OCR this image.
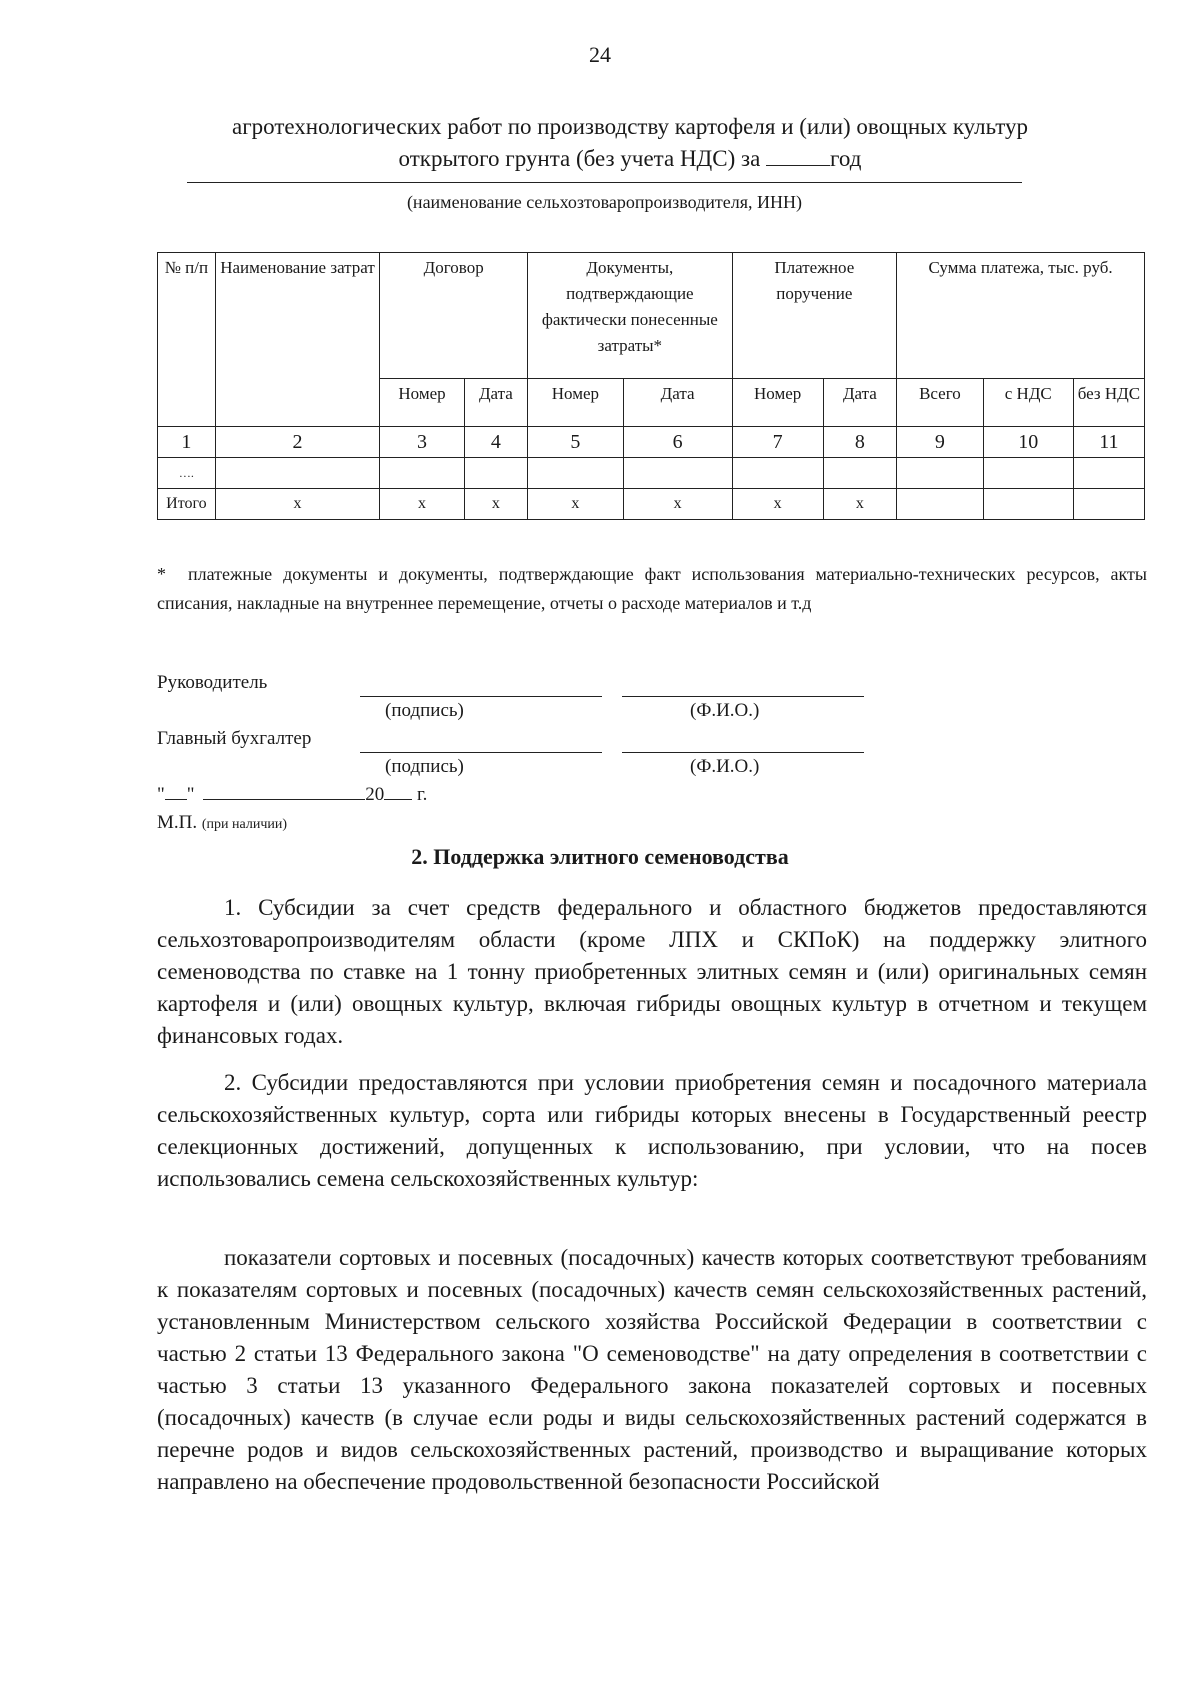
24
агротехнологических работ по производству картофеля и (или) овощных культур
открытого грунта (без учета НДС) за	год
(наименование сельхозтоваропроизводителя, ИНН)
№ п/п	Наименование затрат	Договор		Документы, подтверждающие фактически понесенные затраты*		Платежное поручение		Сумма платежа, тыс. руб.		
		Номер	Дата	Номер	Дата	Номер	Дата	Всего	с НДС	без НДС
1	2	3	4	5	6	7	8	9	10	11
….										
Итого	x	x	x	x	x	x	x			
* платежные документы и документы, подтверждающие факт использования материально-технических ресурсов, акты списания, накладные на внутреннее перемещение, отчеты о расходе материалов и т.д
Руководитель
(подпись)	(Ф.И.О.)
Главный бухгалтер
(подпись)	(Ф.И.О.)
" "	20 г.
М.П. (при наличии)
2. Поддержка элитного семеноводства

1. Субсидии за счет средств федерального и областного бюджетов предоставляются сельхозтоваропроизводителям области (кроме ЛПХ и СКПоК) на поддержку элитного семеноводства по ставке на 1 тонну приобретенных элитных семян и (или) оригинальных семян картофеля и (или) овощных культур, включая гибриды овощных культур в отчетном и текущем финансовых годах.

2. Субсидии предоставляются при условии приобретения семян и посадочного материала сельскохозяйственных культур, сорта или гибриды которых внесены в Государственный реестр селекционных достижений, допущенных к использованию, при условии, что на посев использовались семена сельскохозяйственных культур:

показатели сортовых и посевных (посадочных) качеств которых соответствуют требованиям к показателям сортовых и посевных (посадочных) качеств семян сельскохозяйственных растений, установленным Министерством сельского хозяйства Российской Федерации в соответствии с частью 2 статьи 13 Федерального закона "О семеноводстве" на дату определения в соответствии с частью 3 статьи 13 указанного Федерального закона показателей сортовых и посевных (посадочных) качеств (в случае если роды и виды сельскохозяйственных растений содержатся в перечне родов и видов сельскохозяйственных растений, производство и выращивание которых направлено на обеспечение продовольственной безопасности Российской
